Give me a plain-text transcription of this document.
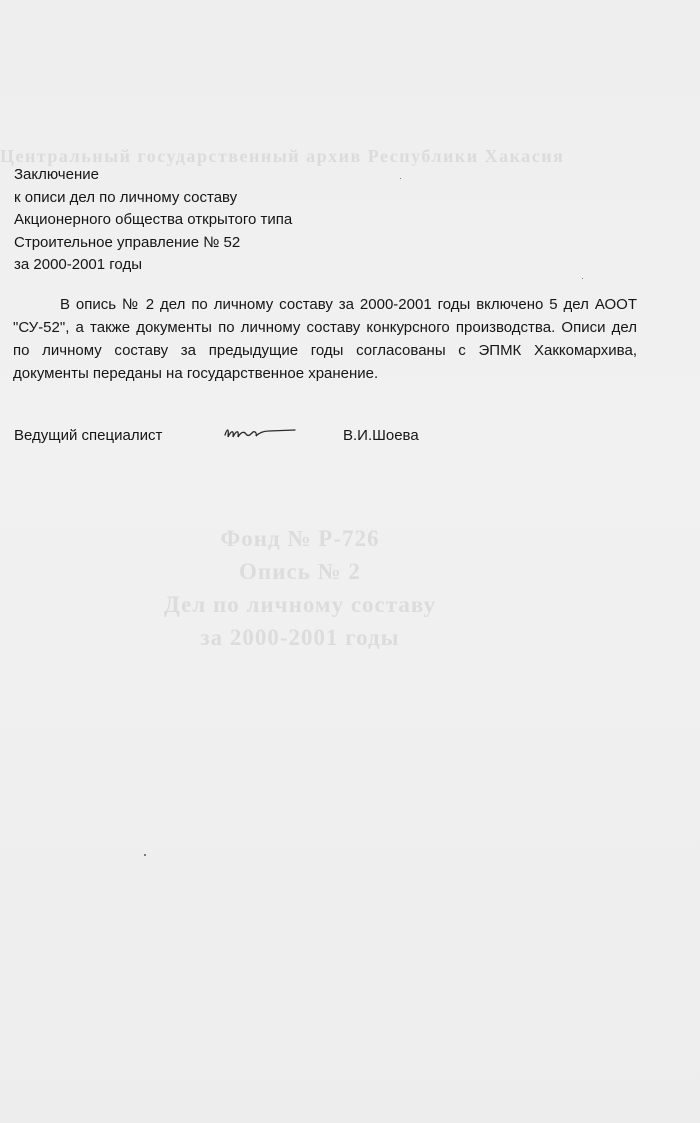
Центральный государственный архив Республики Хакасия
Фонд № Р-726
Опись № 2
Дел по личному составу
за 2000-2001 годы
Заключение
к описи дел по личному составу
Акционерного общества открытого типа
Строительное управление № 52
за 2000-2001 годы
В опись № 2 дел по личному составу за 2000-2001 годы включено 5 дел АООТ "СУ-52", а также документы по личному составу конкурсного производства. Описи дел по личному составу за предыдущие годы согласованы с ЭПМК Хаккомархива, документы переданы на государственное хранение.
Ведущий специалист	В.И.Шоева
